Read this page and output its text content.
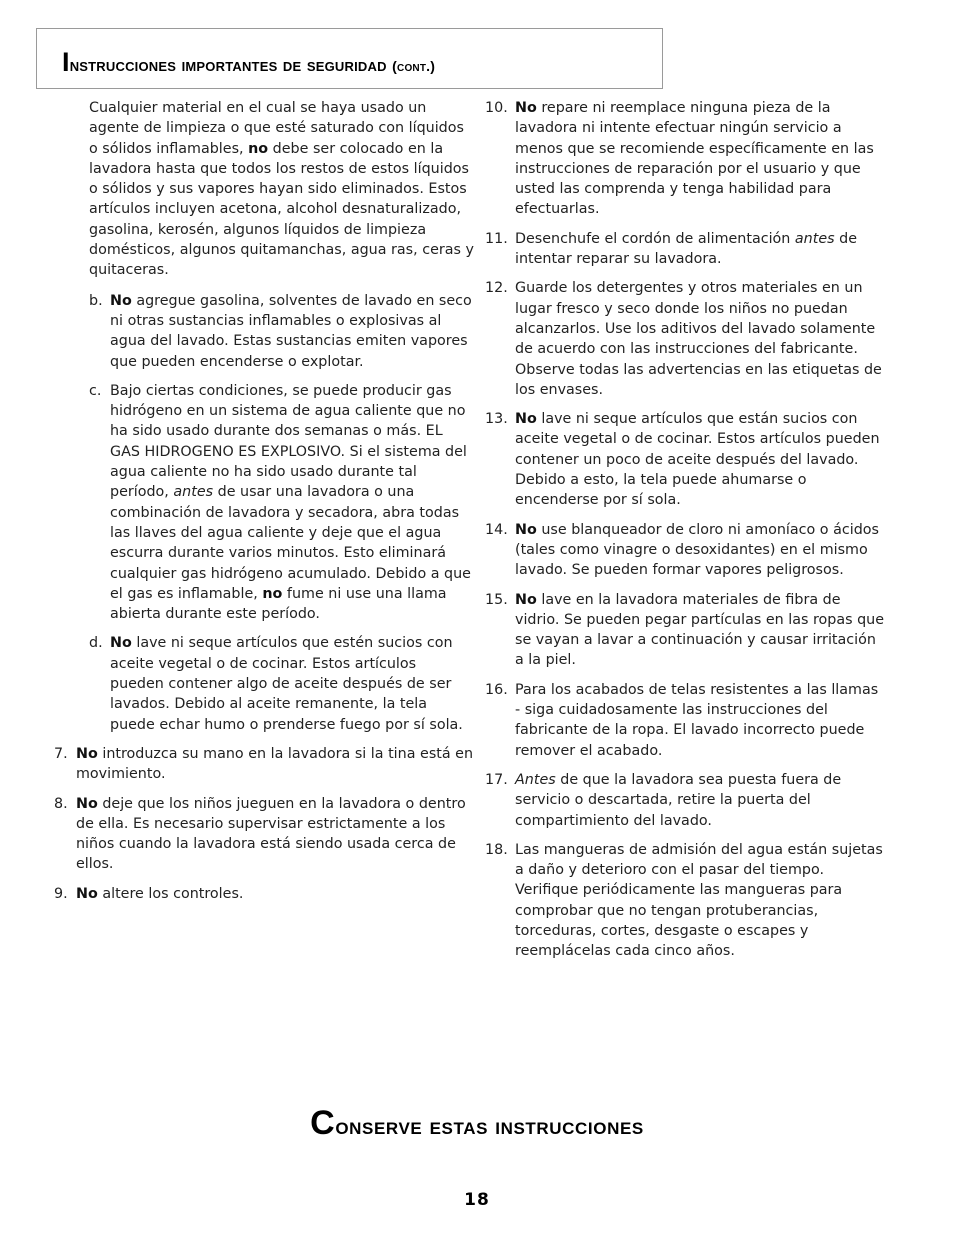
Instrucciones importantes de seguridad (cont.)

Cualquier material en el cual se haya usado un agente de limpieza o que esté saturado con líquidos o sólidos inflamables, no debe ser colocado en la lavadora hasta que todos los restos de estos líquidos o sólidos y sus vapores hayan sido eliminados. Estos artículos incluyen acetona, alcohol desnaturalizado, gasolina, kerosén, algunos líquidos de limpieza domésticos, algunos quitamanchas, agua ras, ceras y quitaceras.

b. No agregue gasolina, solventes de lavado en seco ni otras sustancias inflamables o explosivas al agua del lavado. Estas sustancias emiten vapores que pueden encenderse o explotar.
c. Bajo ciertas condiciones, se puede producir gas hidrógeno en un sistema de agua caliente que no ha sido usado durante dos semanas o más. EL GAS HIDROGENO ES EXPLOSIVO. Si el sistema del agua caliente no ha sido usado durante tal período, antes de usar una lavadora o una combinación de lavadora y secadora, abra todas las llaves del agua caliente y deje que el agua escurra durante varios minutos. Esto eliminará cualquier gas hidrógeno acumulado. Debido a que el gas es inflamable, no fume ni use una llama abierta durante este período.
d. No lave ni seque artículos que estén sucios con aceite vegetal o de cocinar. Estos artículos pueden contener algo de aceite después de ser lavados. Debido al aceite remanente, la tela puede echar humo o prenderse fuego por sí sola.
7. No introduzca su mano en la lavadora si la tina está en movimiento.
8. No deje que los niños jueguen en la lavadora o dentro de ella. Es necesario supervisar estrictamente a los niños cuando la lavadora está siendo usada cerca de ellos.
9. No altere los controles.
10. No repare ni reemplace ninguna pieza de la lavadora ni intente efectuar ningún servicio a menos que se recomiende específicamente en las instrucciones de reparación por el usuario y que usted las comprenda y tenga habilidad para efectuarlas.
11. Desenchufe el cordón de alimentación antes de intentar reparar su lavadora.
12. Guarde los detergentes y otros materiales en un lugar fresco y seco donde los niños no puedan alcanzarlos. Use los aditivos del lavado solamente de acuerdo con las instrucciones del fabricante. Observe todas las advertencias en las etiquetas de los envases.
13. No lave ni seque artículos que están sucios con aceite vegetal o de cocinar. Estos artículos pueden contener un poco de aceite después del lavado. Debido a esto, la tela puede ahumarse o encenderse por sí sola.
14. No use blanqueador de cloro ni amoníaco o ácidos (tales como vinagre o desoxidantes) en el mismo lavado. Se pueden formar vapores peligrosos.
15. No lave en la lavadora materiales de fibra de vidrio. Se pueden pegar partículas en las ropas que se vayan a lavar a continuación y causar irritación a la piel.
16. Para los acabados de telas resistentes a las llamas - siga cuidadosamente las instrucciones del fabricante de la ropa. El lavado incorrecto puede remover el acabado.
17. Antes de que la lavadora sea puesta fuera de servicio o descartada, retire la puerta del compartimiento del lavado.
18. Las mangueras de admisión del agua están sujetas a daño y deterioro con el pasar del tiempo. Verifique periódicamente las mangueras para comprobar que no tengan protuberancias, torceduras, cortes, desgaste o escapes y reemplácelas cada cinco años.
Conserve estas instrucciones
18
